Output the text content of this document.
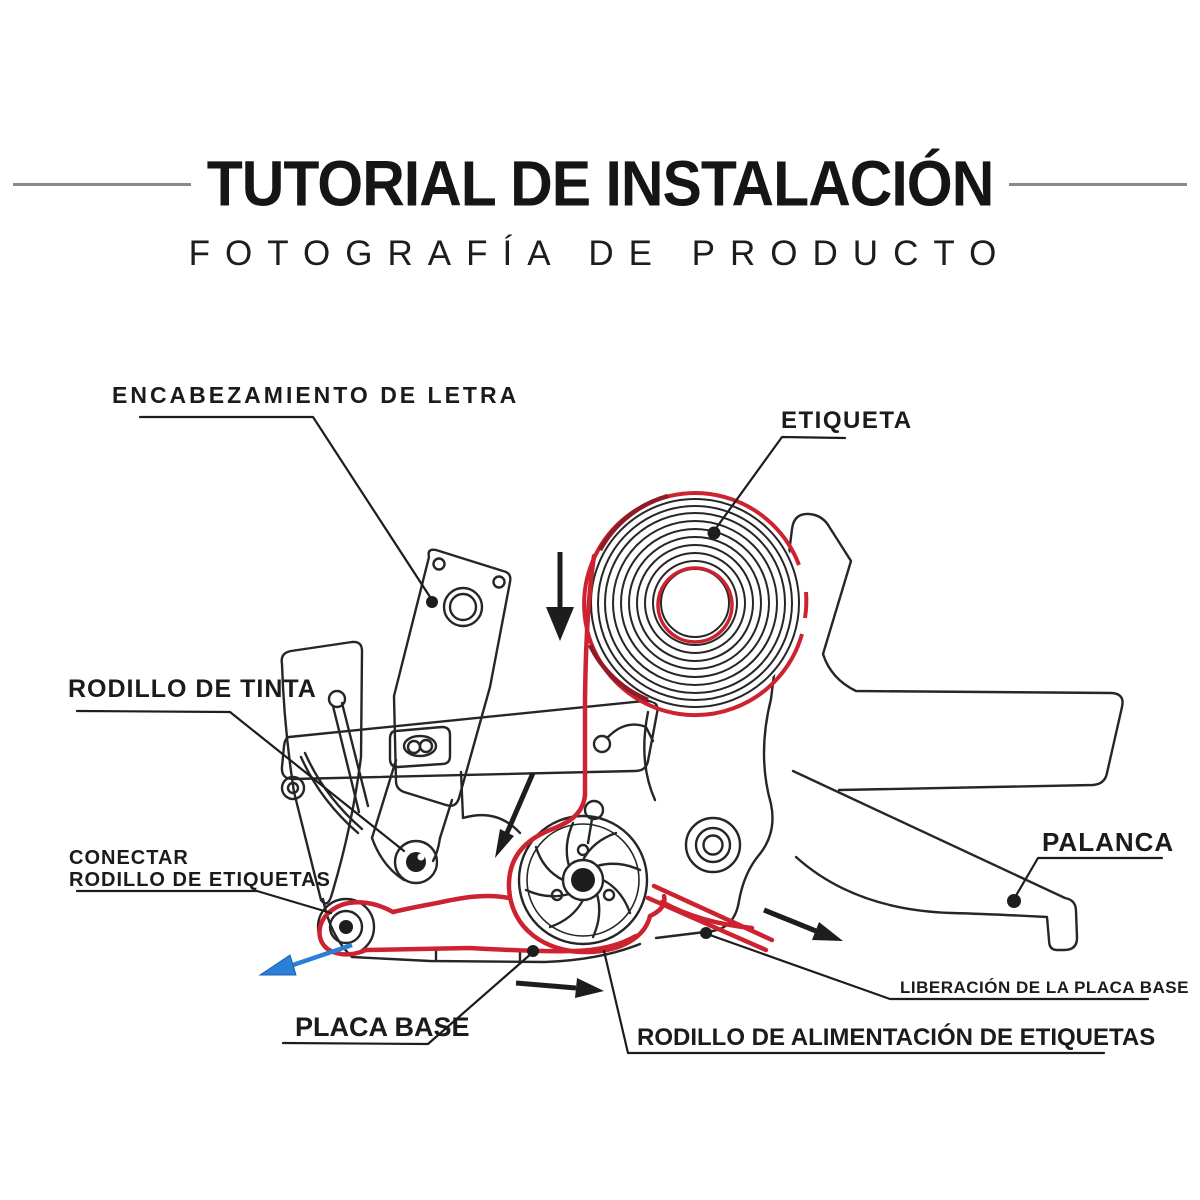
TUTORIAL DE INSTALACIÓN
FOTOGRAFÍA DE PRODUCTO
ENCABEZAMIENTO DE LETRA
ETIQUETA
RODILLO DE TINTA
CONECTAR
RODILLO DE ETIQUETAS
PALANCA
LIBERACIÓN DE LA PLACA BASE
PLACA BASE	RODILLO DE ALIMENTACIÓN DE ETIQUETAS
